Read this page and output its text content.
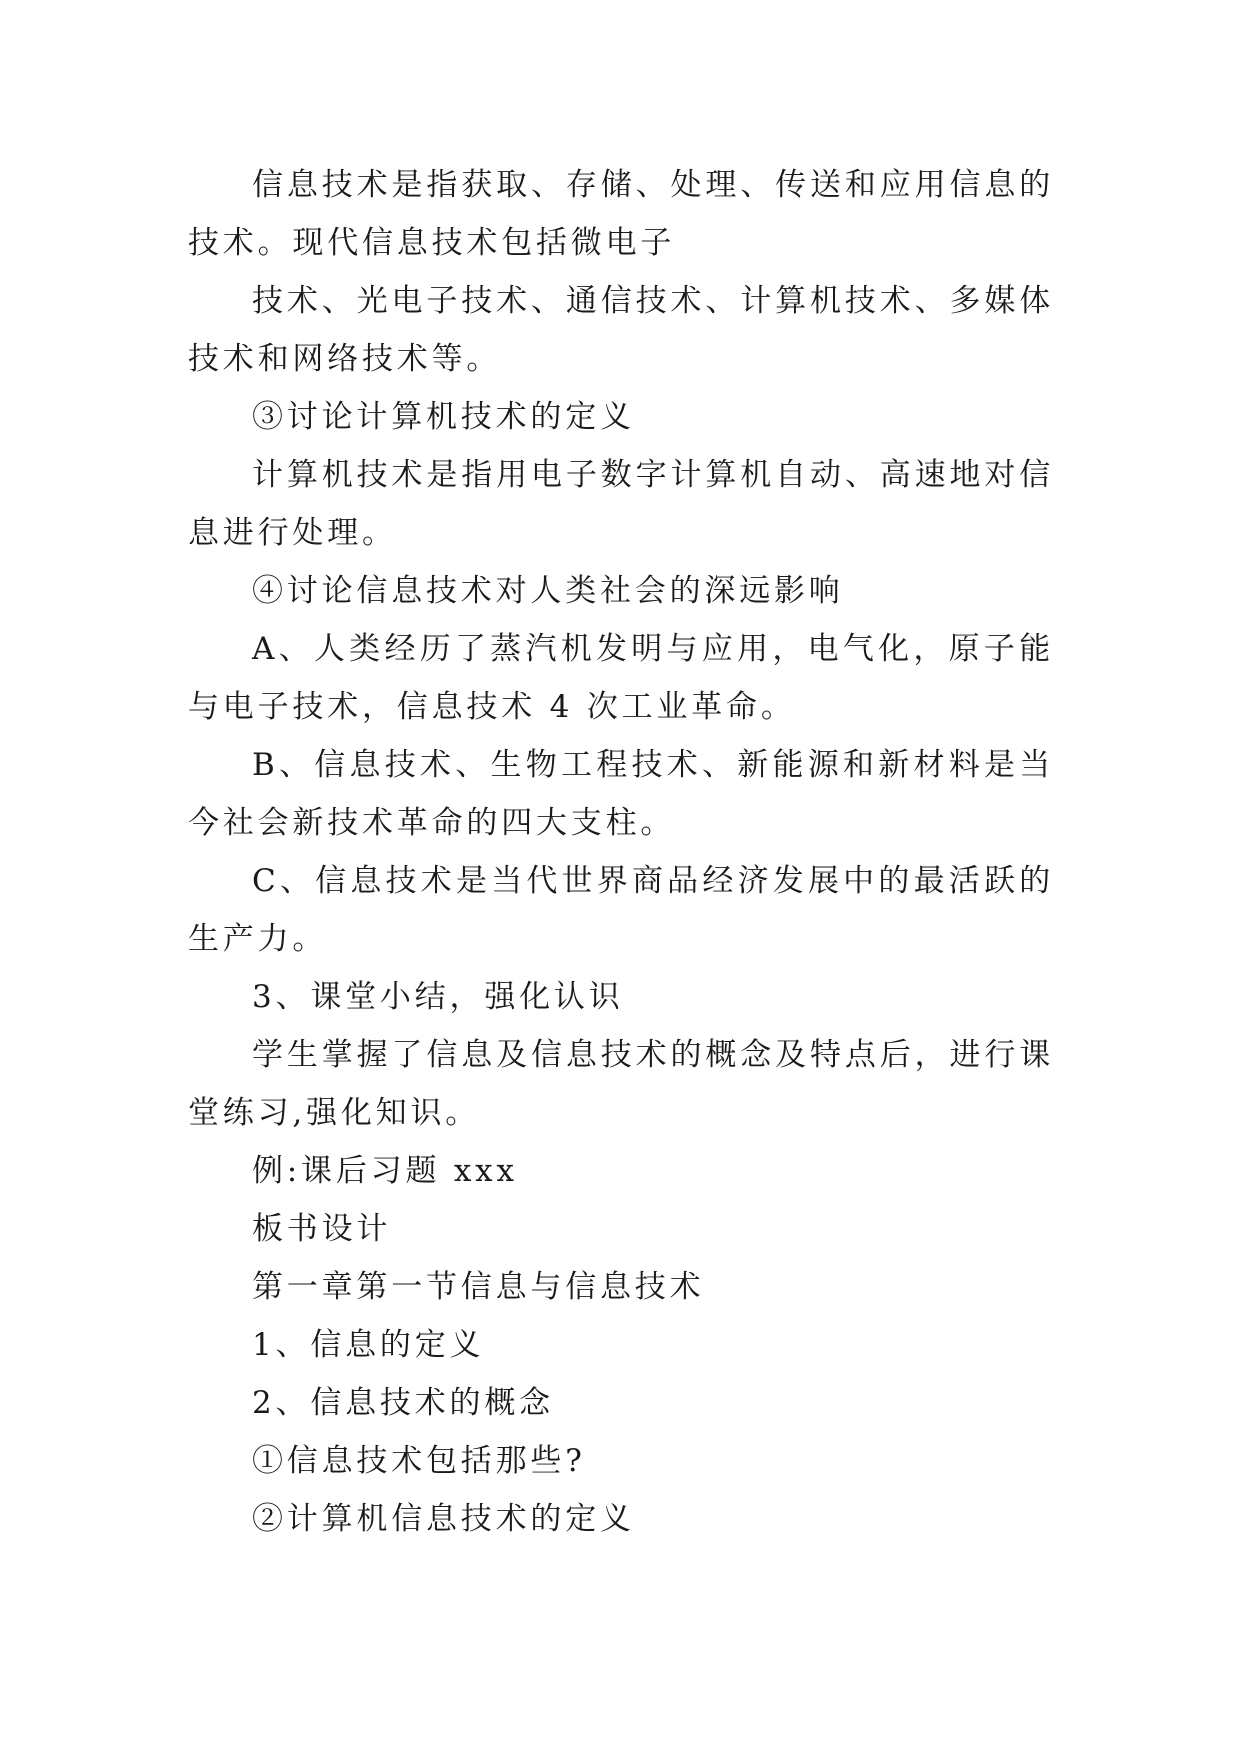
信息技术是指获取、存储、处理、传送和应用信息的技术。现代信息技术包括微电子

技术、光电子技术、通信技术、计算机技术、多媒体技术和网络技术等。

③讨论计算机技术的定义

计算机技术是指用电子数字计算机自动、高速地对信息进行处理。

④讨论信息技术对人类社会的深远影响

A、人类经历了蒸汽机发明与应用，电气化，原子能与电子技术，信息技术 4 次工业革命。

B、信息技术、生物工程技术、新能源和新材料是当今社会新技术革命的四大支柱。

C、信息技术是当代世界商品经济发展中的最活跃的生产力。

3、课堂小结，强化认识

学生掌握了信息及信息技术的概念及特点后，进行课堂练习,强化知识。

例:课后习题 xxx

板书设计

第一章第一节信息与信息技术

1、信息的定义

2、信息技术的概念

①信息技术包括那些?

②计算机信息技术的定义
